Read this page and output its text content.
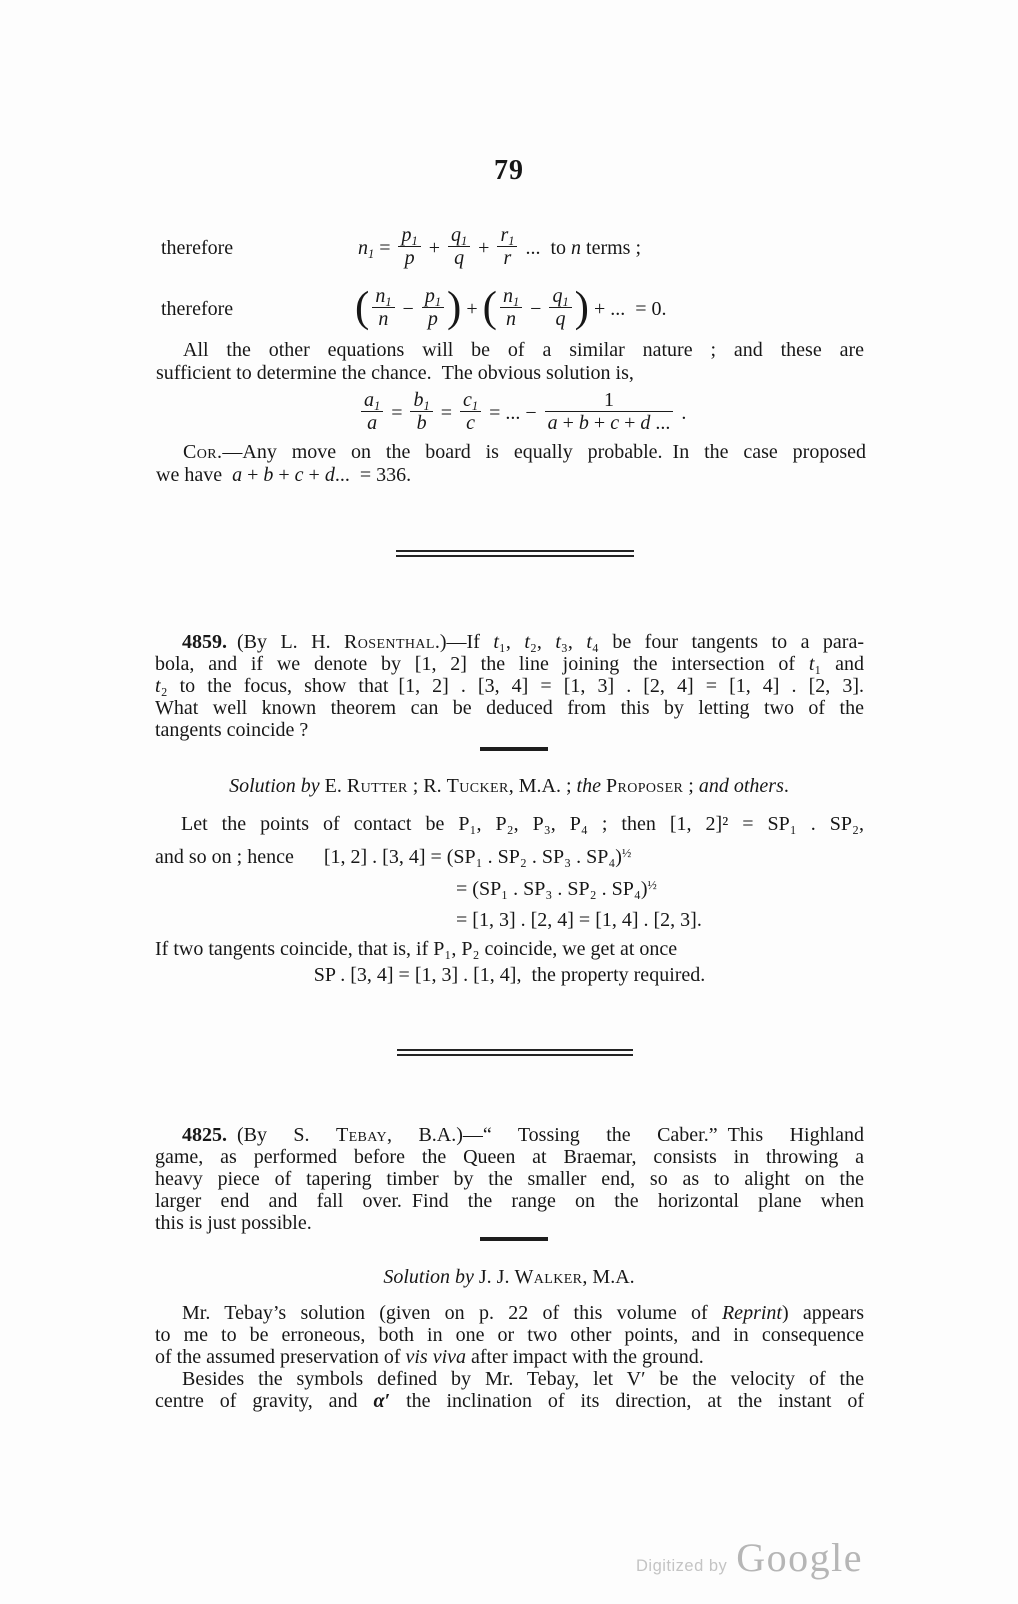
79
therefore	$n_1 = \frac{p_1}{p} + \frac{q_1}{q} + \frac{r_1}{r}$ ... to n terms ;
therefore	( $\frac{n_1}{n} - \frac{p_1}{p}$ ) + ( $\frac{n_1}{n} - \frac{q_1}{q}$ ) + ... = 0.
All the other equations will be of a similar nature ; and these are
sufficient to determine the chance. The obvious solution is,
$\frac{a_1}{a} = \frac{b_1}{b} = \frac{c_1}{c}$ = ... − $\frac{1}{a + b + c + d ...}$ .
Cor.—Any move on the board is equally probable. In the case proposed
we have a + b + c + d... = 336.
4859. (By L. H. Rosenthal.)—If t₁, t₂, t₃, t₄ be four tangents to a para-
bola, and if we denote by [1, 2] the line joining the intersection of t₁ and
t₂ to the focus, show that [1, 2] . [3, 4] = [1, 3] . [2, 4] = [1, 4] . [2, 3].
What well known theorem can be deduced from this by letting two of the
tangents coincide ?
Solution by E. Rutter ; R. Tucker, M.A. ; the Proposer ; and others.
Let the points of contact be P₁, P₂, P₃, P₄ ; then [1, 2]² = SP₁ . SP₂,
and so on ; hence  [1, 2] . [3, 4] = (SP₁ . SP₂ . SP₃ . SP₄)$^{\frac{1}{2}}$
= (SP₁ . SP₃ . SP₂ . SP₄)$^{\frac{1}{2}}$
= [1, 3] . [2, 4] = [1, 4] . [2, 3].
If two tangents coincide, that is, if P₁, P₂ coincide, we get at once
SP . [3, 4] = [1, 3] . [1, 4], the property required.
4825. (By S. Tebay, B.A.)—“ Tossing the Caber.” This Highland
game, as performed before the Queen at Braemar, consists in throwing a
heavy piece of tapering timber by the smaller end, so as to alight on the
larger end and fall over. Find the range on the horizontal plane when
this is just possible.
Solution by J. J. Walker, M.A.
Mr. Tebay’s solution (given on p. 22 of this volume of Reprint) appears
to me to be erroneous, both in one or two other points, and in consequence
of the assumed preservation of vis viva after impact with the ground.
Besides the symbols defined by Mr. Tebay, let V′ be the velocity of the
centre of gravity, and α′ the inclination of its direction, at the instant of
Digitized by Google
